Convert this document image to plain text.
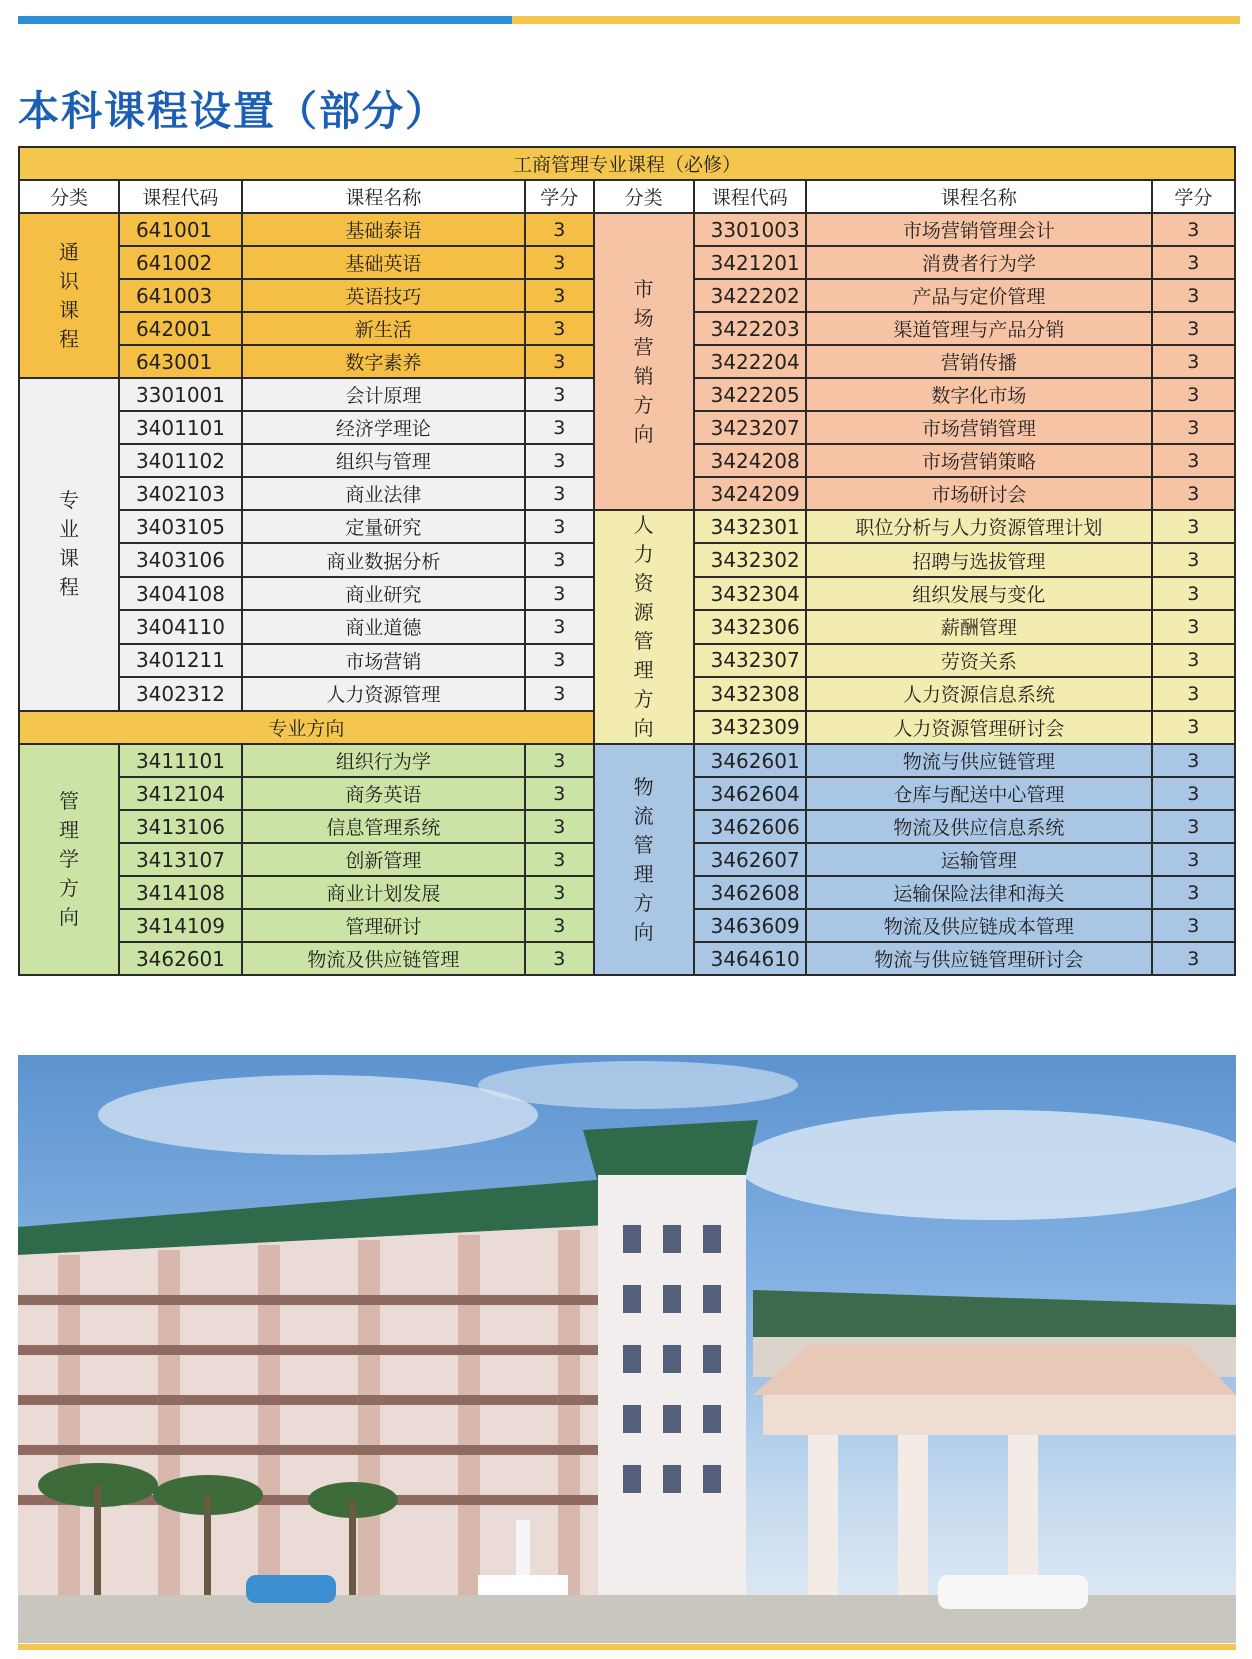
本科课程设置（部分）
工商管理专业课程（必修）							
分类	课程代码	课程名称	学分	分类	课程代码	课程名称	学分
通识课程	641001	基础泰语	3	市场营销方向	3301003	市场营销管理会计	3
	641002	基础英语	3		3421201	消费者行为学	3
	641003	英语技巧	3		3422202	产品与定价管理	3
	642001	新生活	3		3422203	渠道管理与产品分销	3
	643001	数字素养	3		3422204	营销传播	3
专业课程	3301001	会计原理	3		3422205	数字化市场	3
	3401101	经济学理论	3		3423207	市场营销管理	3
	3401102	组织与管理	3		3424208	市场营销策略	3
	3402103	商业法律	3		3424209	市场研讨会	3
	3403105	定量研究	3	人力资源管理方向	3432301	职位分析与人力资源管理计划	3
	3403106	商业数据分析	3		3432302	招聘与选拔管理	3
	3404108	商业研究	3		3432304	组织发展与变化	3
	3404110	商业道德	3		3432306	薪酬管理	3
	3401211	市场营销	3		3432307	劳资关系	3
	3402312	人力资源管理	3		3432308	人力资源信息系统	3
专业方向					3432309	人力资源管理研讨会	3
管理学方向	3411101	组织行为学	3	物流管理方向	3462601	物流与供应链管理	3
	3412104	商务英语	3		3462604	仓库与配送中心管理	3
	3413106	信息管理系统	3		3462606	物流及供应信息系统	3
	3413107	创新管理	3		3462607	运输管理	3
	3414108	商业计划发展	3		3462608	运输保险法律和海关	3
	3414109	管理研讨	3		3463609	物流及供应链成本管理	3
	3462601	物流及供应链管理	3		3464610	物流与供应链管理研讨会	3
